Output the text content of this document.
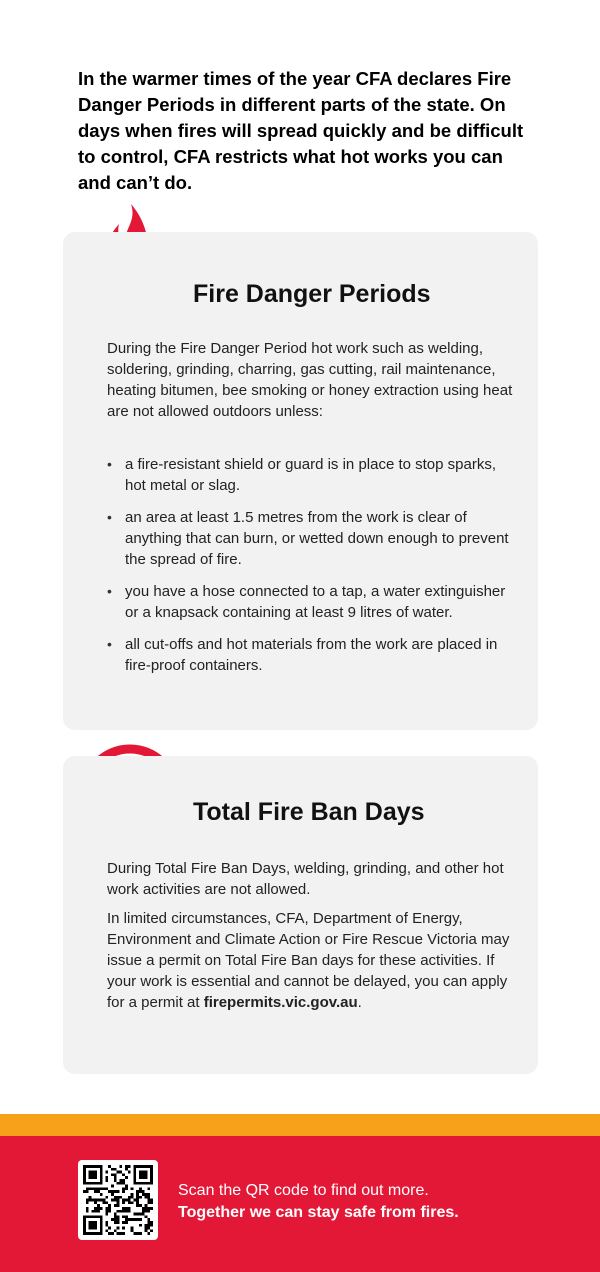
In the warmer times of the year CFA declares Fire Danger Periods in different parts of the state. On days when fires will spread quickly and be difficult to control, CFA restricts what hot works you can and can’t do.

Fire Danger Periods

During the Fire Danger Period hot work such as welding, soldering, grinding, charring, gas cutting, rail maintenance, heating bitumen, bee smoking or honey extraction using heat are not allowed outdoors unless:

• a fire-resistant shield or guard is in place to stop sparks, hot metal or slag.
• an area at least 1.5 metres from the work is clear of anything that can burn, or wetted down enough to prevent the spread of fire.
• you have a hose connected to a tap, a water extinguisher or a knapsack containing at least 9 litres of water.
• all cut-offs and hot materials from the work are placed in fire-proof containers.
Total Fire Ban Days

During Total Fire Ban Days, welding, grinding, and other hot work activities are not allowed.

In limited circumstances, CFA, Department of Energy, Environment and Climate Action or Fire Rescue Victoria may issue a permit on Total Fire Ban days for these activities. If your work is essential and cannot be delayed, you can apply for a permit at firepermits.vic.gov.au.

Scan the QR code to find out more.
Together we can stay safe from fires.
